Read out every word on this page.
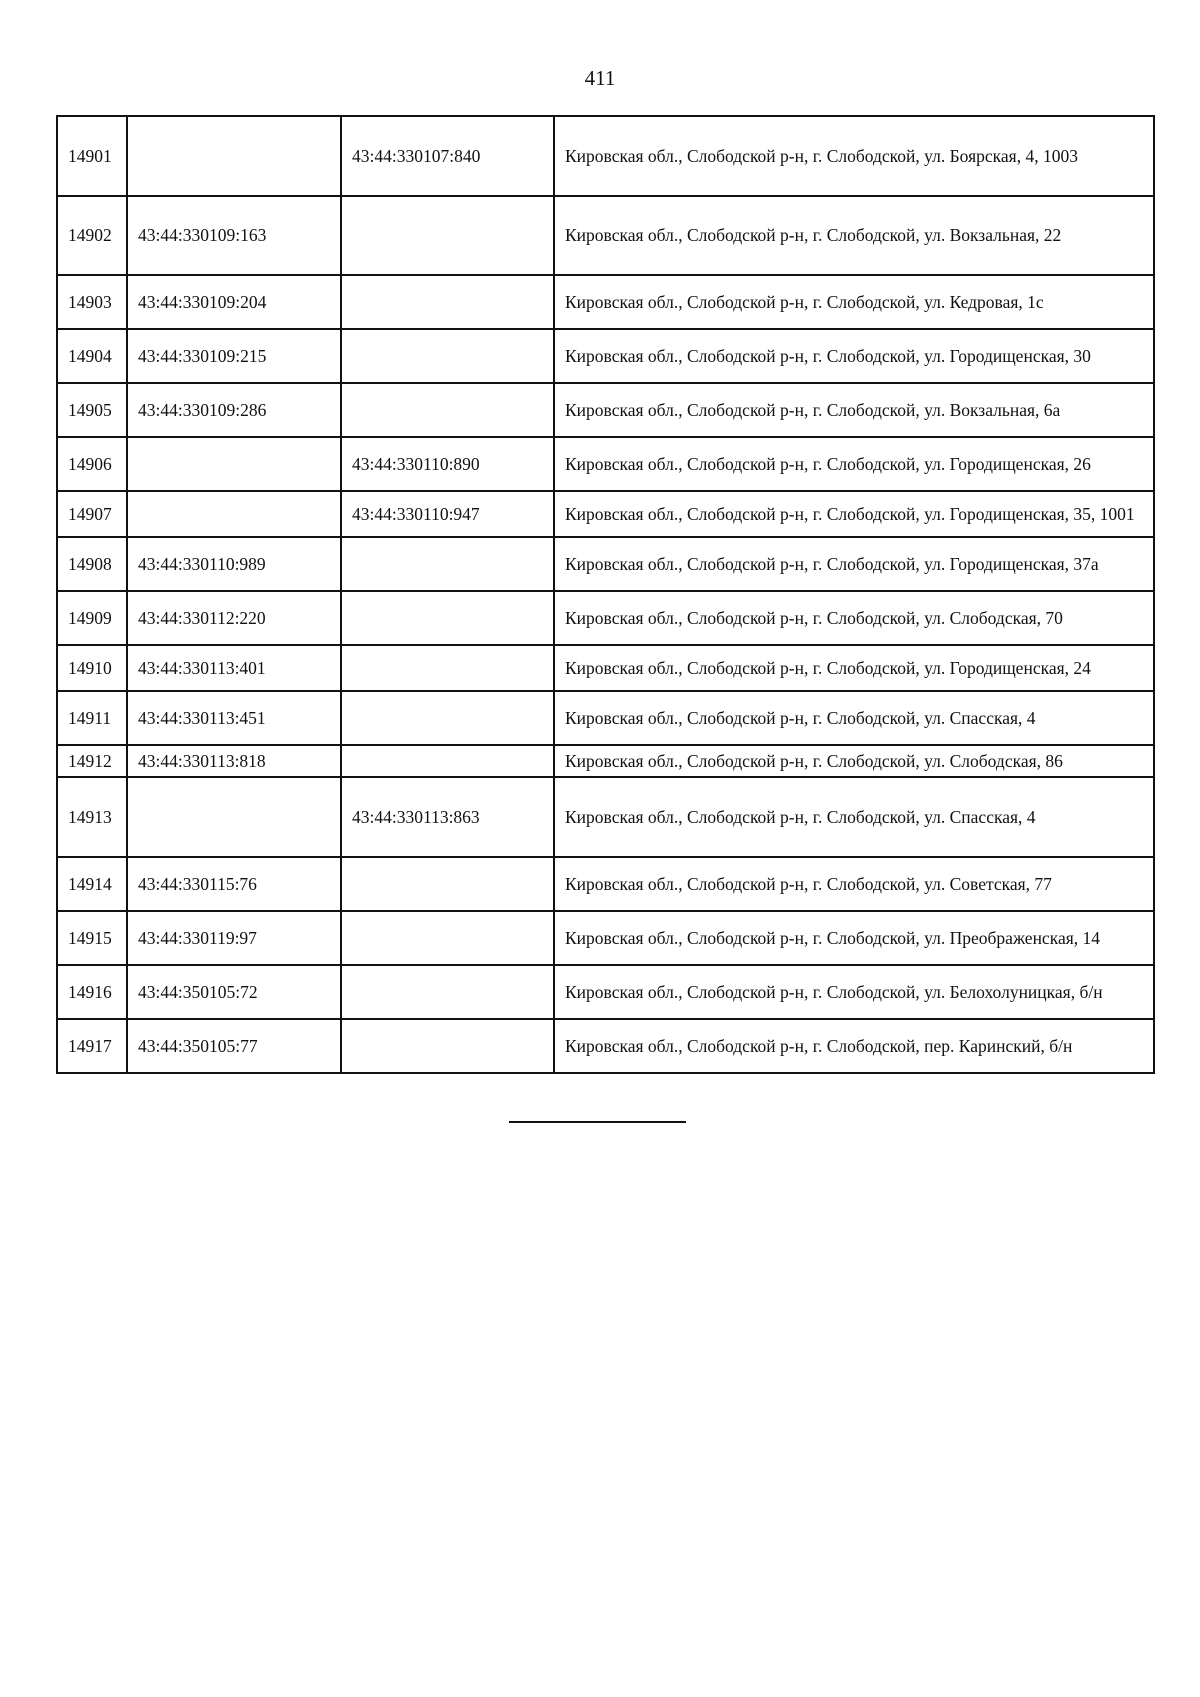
411
14901		43:44:330107:840	Кировская обл., Слободской р-н, г. Слободской, ул. Боярская, 4, 1003
14902	43:44:330109:163		Кировская обл., Слободской р-н, г. Слободской, ул. Вокзальная, 22
14903	43:44:330109:204		Кировская обл., Слободской р-н, г. Слободской, ул. Кедровая, 1с
14904	43:44:330109:215		Кировская обл., Слободской р-н, г. Слободской, ул. Городищенская, 30
14905	43:44:330109:286		Кировская обл., Слободской р-н, г. Слободской, ул. Вокзальная, 6а
14906		43:44:330110:890	Кировская обл., Слободской р-н, г. Слободской, ул. Городищенская, 26
14907		43:44:330110:947	Кировская обл., Слободской р-н, г. Слободской, ул. Городищенская, 35, 1001
14908	43:44:330110:989		Кировская обл., Слободской р-н, г. Слободской, ул. Городищенская, 37а
14909	43:44:330112:220		Кировская обл., Слободской р-н, г. Слободской, ул. Слободская, 70
14910	43:44:330113:401		Кировская обл., Слободской р-н, г. Слободской, ул. Городищенская, 24
14911	43:44:330113:451		Кировская обл., Слободской р-н, г. Слободской, ул. Спасская, 4
14912	43:44:330113:818		Кировская обл., Слободской р-н, г. Слободской, ул. Слободская, 86
14913		43:44:330113:863	Кировская обл., Слободской р-н, г. Слободской, ул. Спасская, 4
14914	43:44:330115:76		Кировская обл., Слободской р-н, г. Слободской, ул. Советская, 77
14915	43:44:330119:97		Кировская обл., Слободской р-н, г. Слободской, ул. Преображенская, 14
14916	43:44:350105:72		Кировская обл., Слободской р-н, г. Слободской, ул. Белохолуницкая, б/н
14917	43:44:350105:77		Кировская обл., Слободской р-н, г. Слободской, пер. Каринский, б/н
